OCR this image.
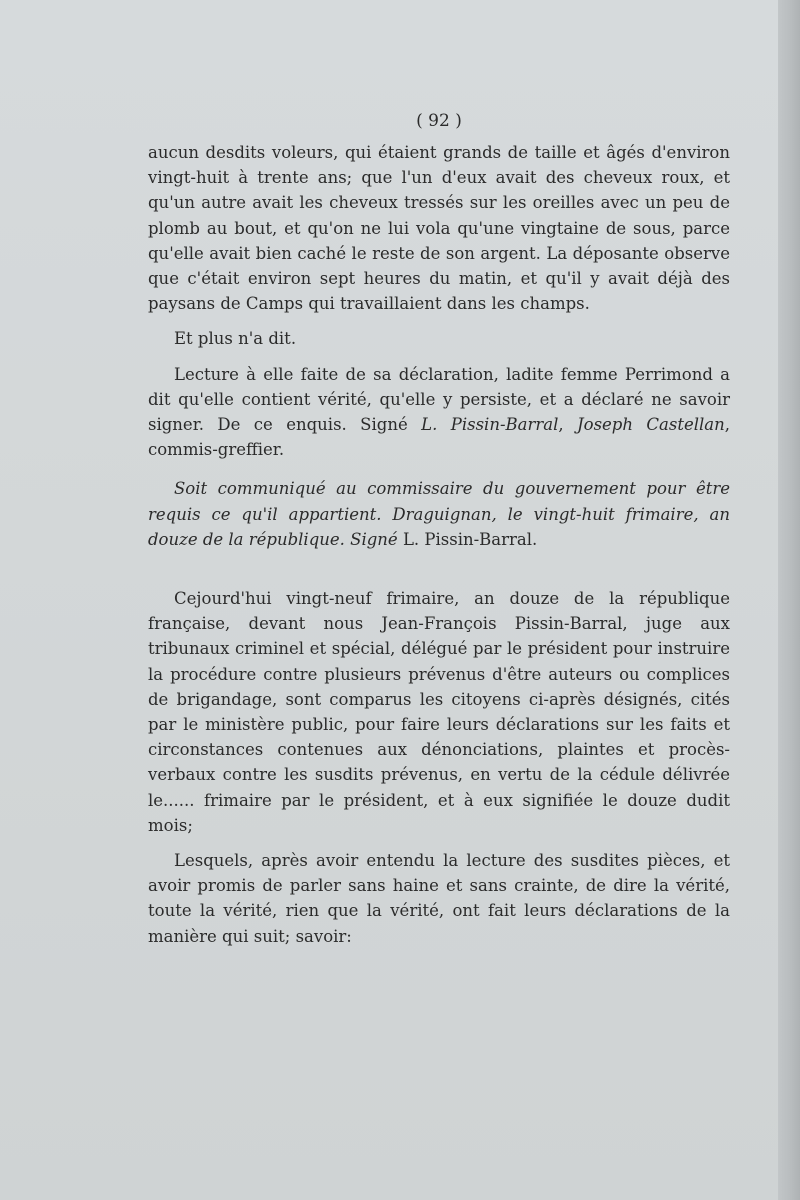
( 92 )

aucun desdits voleurs, qui étaient grands de taille et âgés d'environ vingt-huit à trente ans; que l'un d'eux avait des cheveux roux, et qu'un autre avait les cheveux tressés sur les oreilles avec un peu de plomb au bout, et qu'on ne lui vola qu'une vingtaine de sous, parce qu'elle avait bien caché le reste de son argent. La déposante observe que c'était environ sept heures du matin, et qu'il y avait déjà des paysans de Camps qui travaillaient dans les champs.

Et plus n'a dit.

Lecture à elle faite de sa déclaration, ladite femme Perrimond a dit qu'elle contient vérité, qu'elle y persiste, et a déclaré ne savoir signer. De ce enquis. Signé L. Pissin-Barral, Joseph Castellan, commis-greffier.

Soit communiqué au commissaire du gouvernement pour être requis ce qu'il appartient. Draguignan, le vingt-huit frimaire, an douze de la république. Signé L. Pissin-Barral.

Cejourd'hui vingt-neuf frimaire, an douze de la république française, devant nous Jean-François Pissin-Barral, juge aux tribunaux criminel et spécial, délégué par le président pour instruire la procédure contre plusieurs prévenus d'être auteurs ou complices de brigandage, sont comparus les citoyens ci-après désignés, cités par le ministère public, pour faire leurs déclarations sur les faits et circonstances contenues aux dénonciations, plaintes et procès-verbaux contre les susdits prévenus, en vertu de la cédule délivrée le...... frimaire par le président, et à eux signifiée le douze dudit mois;

Lesquels, après avoir entendu la lecture des susdites pièces, et avoir promis de parler sans haine et sans crainte, de dire la vérité, toute la vérité, rien que la vérité, ont fait leurs déclarations de la manière qui suit; savoir:
